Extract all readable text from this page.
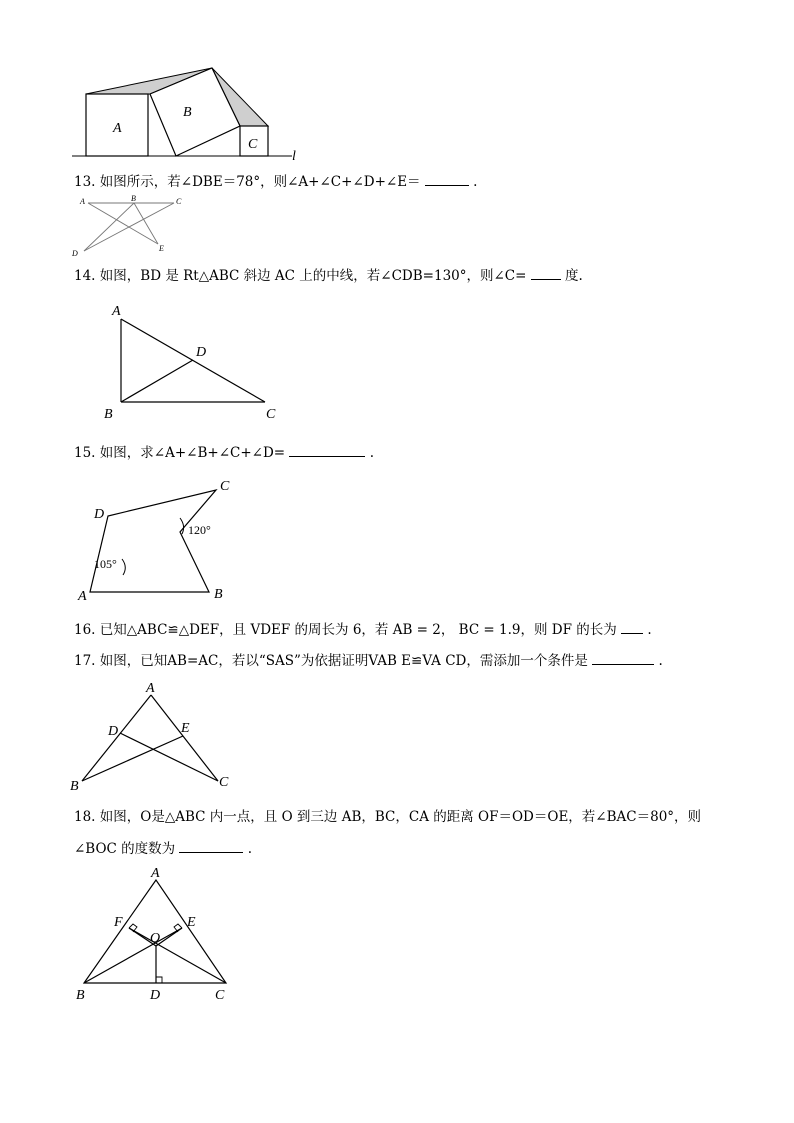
A
B
C
l
13. 如图所示，若∠DBE＝78°，则∠A+∠C+∠D+∠E＝	.
A	B	C
D
E
14. 如图，BD 是 Rt△ABC 斜边 AC 上的中线，若∠CDB=130°，则∠C=	度.
A
D
B	C
15. 如图，求∠A+∠B+∠C+∠D=	.
D
C
A	B
120°
105°
16. 已知△ABC≌△DEF，且 VDEF 的周长为 6，若 AB = 2， BC = 1.9，则 DF 的长为 .
17. 如图，已知AB=AC，若以“SAS”为依据证明VAB E≌VA CD，需添加一个条件是	.
A
D	E
B	C
18. 如图，O是△ABC 内一点，且 O 到三边 AB，BC，CA 的距离 OF＝OD＝OE，若∠BAC＝80°，则
∠BOC 的度数为	.
A
F	E
O
B	D	C
